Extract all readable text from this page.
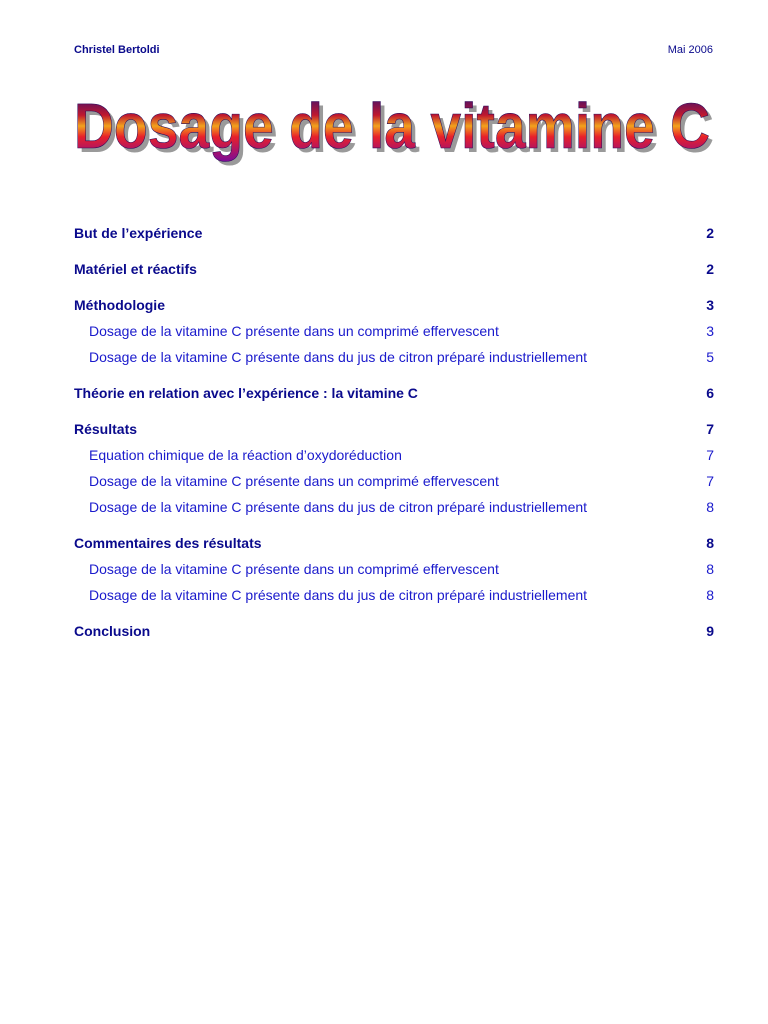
Christel Bertoldi	Mai 2006
Dosage de la vitamine C
Dosage de la vitamine C
But de l’expérience	2
Matériel et réactifs	2
Méthodologie	3
Dosage de la vitamine C présente dans un comprimé effervescent	3
Dosage de la vitamine C présente dans du jus de citron préparé industriellement	5
Théorie en relation avec l’expérience : la vitamine C	6
Résultats	7
Equation chimique de la réaction d’oxydoréduction	7
Dosage de la vitamine C présente dans un comprimé effervescent	7
Dosage de la vitamine C présente dans du jus de citron préparé industriellement	8
Commentaires des résultats	8
Dosage de la vitamine C présente dans un comprimé effervescent	8
Dosage de la vitamine C présente dans du jus de citron préparé industriellement	8
Conclusion	9
